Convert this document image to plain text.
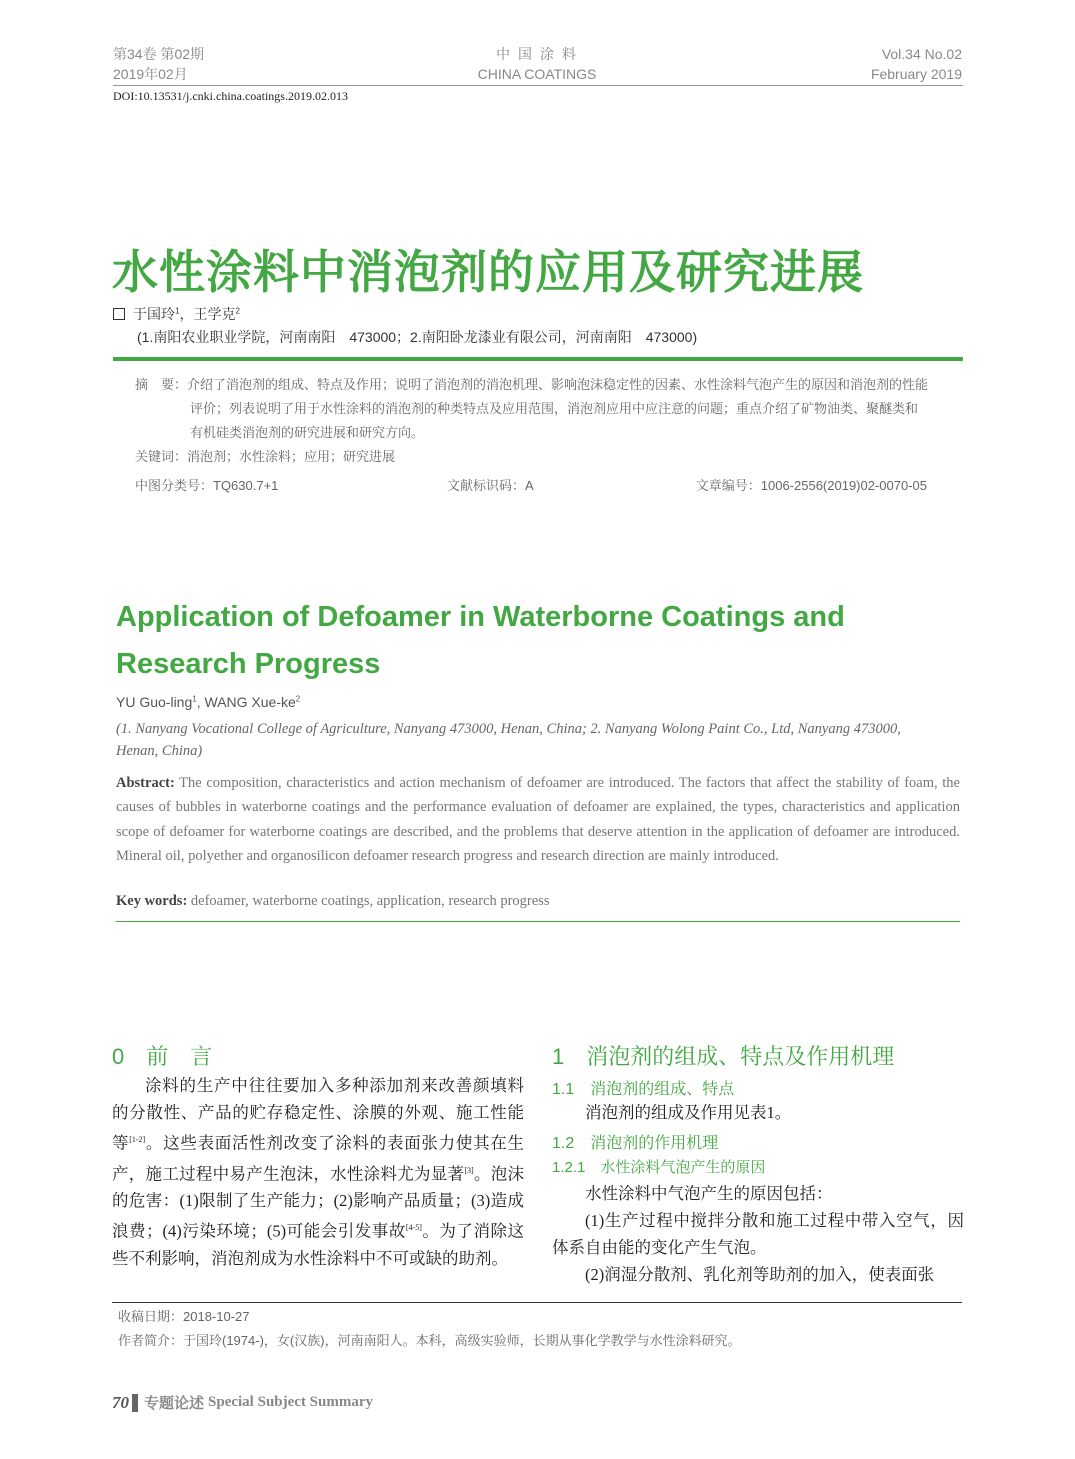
第34卷 第02期
2019年02月
中 国 涂 料
CHINA COATINGS
Vol.34 No.02
February 2019
DOI:10.13531/j.cnki.china.coatings.2019.02.013
水性涂料中消泡剂的应用及研究进展
于国玲$^1$，王学克$^2$
(1.南阳农业职业学院，河南南阳　473000；2.南阳卧龙漆业有限公司，河南南阳　473000)
摘　要：介绍了消泡剂的组成、特点及作用；说明了消泡剂的消泡机理、影响泡沫稳定性的因素、水性涂料气泡产生的原因和消泡剂的性能评价；列表说明了用于水性涂料的消泡剂的种类特点及应用范围，消泡剂应用中应注意的问题；重点介绍了矿物油类、聚醚类和有机硅类消泡剂的研究进展和研究方向。
关键词：消泡剂；水性涂料；应用；研究进展
中图分类号：TQ630.7+1	文献标识码：A	文章编号：1006-2556(2019)02-0070-05
Application of Defoamer in Waterborne Coatings and
Research Progress
YU Guo-ling$^1$, WANG Xue-$ke^2$
(1. Nanyang Vocational College of Agriculture, Nanyang 473000, Henan, China; 2. Nanyang Wolong Paint Co., Ltd, Nanyang 473000, Henan, China)
Abstract: The composition, characteristics and action mechanism of defoamer are introduced. The factors that affect the stability of foam, the causes of bubbles in waterborne coatings and the performance evaluation of defoamer are explained, the types, characteristics and application scope of defoamer for waterborne coatings are described, and the problems that deserve attention in the application of defoamer are introduced. Mineral oil, polyether and organosilicon defoamer research progress and research direction are mainly introduced.
Key words: defoamer, waterborne coatings, application, research progress
0　前　言
涂料的生产中往往要加入多种添加剂来改善颜填料的分散性、产品的贮存稳定性、涂膜的外观、施工性能等[1-2]。这些表面活性剂改变了涂料的表面张力使其在生产，施工过程中易产生泡沫，水性涂料尤为显著[3]。泡沫的危害：(1)限制了生产能力；(2)影响产品质量；(3)造成浪费；(4)污染环境；(5)可能会引发事故[4-5]。为了消除这些不利影响，消泡剂成为水性涂料中不可或缺的助剂。
1　消泡剂的组成、特点及作用机理
1.1　消泡剂的组成、特点
消泡剂的组成及作用见表1。
1.2　消泡剂的作用机理
1.2.1　水性涂料气泡产生的原因
水性涂料中气泡产生的原因包括：
(1)生产过程中搅拌分散和施工过程中带入空气，因体系自由能的变化产生气泡。
(2)润湿分散剂、乳化剂等助剂的加入，使表面张
收稿日期：2018-10-27
作者简介：于国玲(1974-)，女(汉族)，河南南阳人。本科，高级实验师，长期从事化学教学与水性涂料研究。
70 专题论述 Special Subject Summary
